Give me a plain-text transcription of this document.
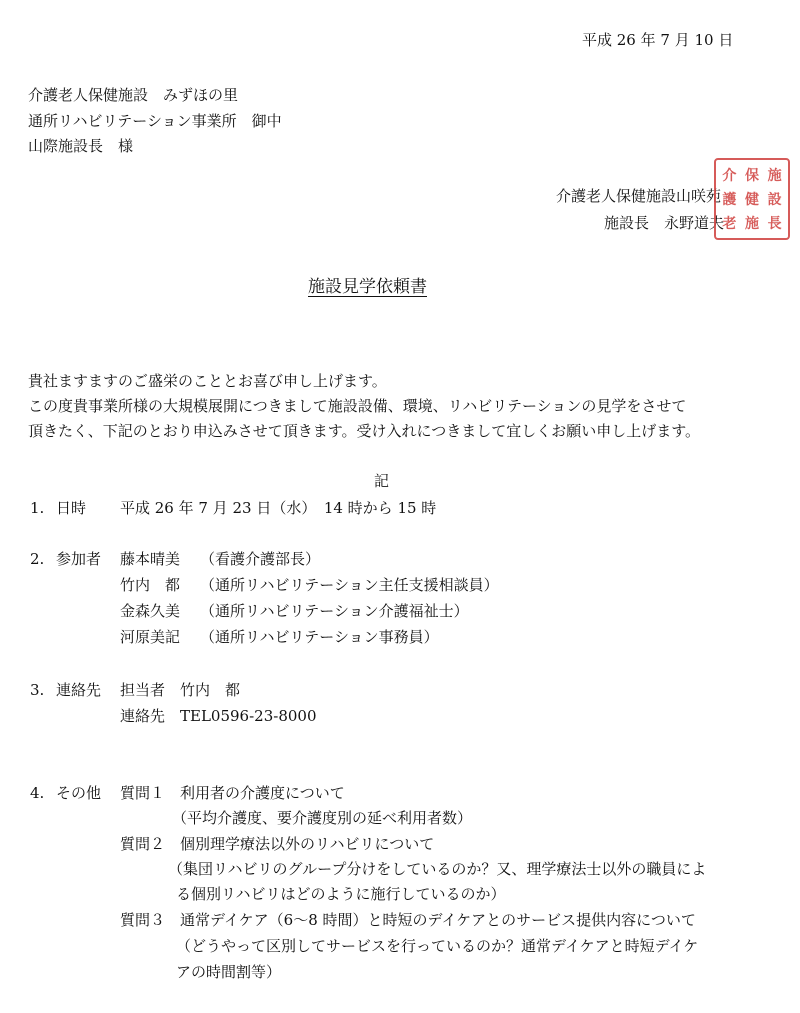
平成 26 年 7 月 10 日
介護老人保健施設　みずほの里
通所リハビリテーション事業所　御中
山際施設長　様
介護老人保健施設山咲苑
施設長　永野道夫
施
設
長
保
健
施
介
護
老
施設見学依頼書
貴社ますますのご盛栄のこととお喜び申し上げます。
この度貴事業所様の大規模展開につきまして施設設備、環境、リハビリテーションの見学をさせて
頂きたく、下記のとおり申込みさせて頂きます。受け入れにつきまして宜しくお願い申し上げます。
記
1. 日時 平成 26 年 7 月 23 日（水）　14 時から 15 時
2. 参加者 藤本晴美 （看護介護部長）
竹内　都 （通所リハビリテーション主任支援相談員）
金森久美 （通所リハビリテーション介護福祉士）
河原美記 （通所リハビリテーション事務員）
3. 連絡先 担当者　竹内　都
連絡先　TEL0596-23-8000
4. その他 質問１ 利用者の介護度について
（平均介護度、要介護度別の延べ利用者数）
質問２ 個別理学療法以外のリハビリについて
（集団リハビリのグループ分けをしているのか？又、理学療法士以外の職員によ
る個別リハビリはどのように施行しているのか）
質問３ 通常デイケア（6～8 時間）と時短のデイケアとのサービス提供内容について
（どうやって区別してサービスを行っているのか？通常デイケアと時短デイケ
アの時間割等）
